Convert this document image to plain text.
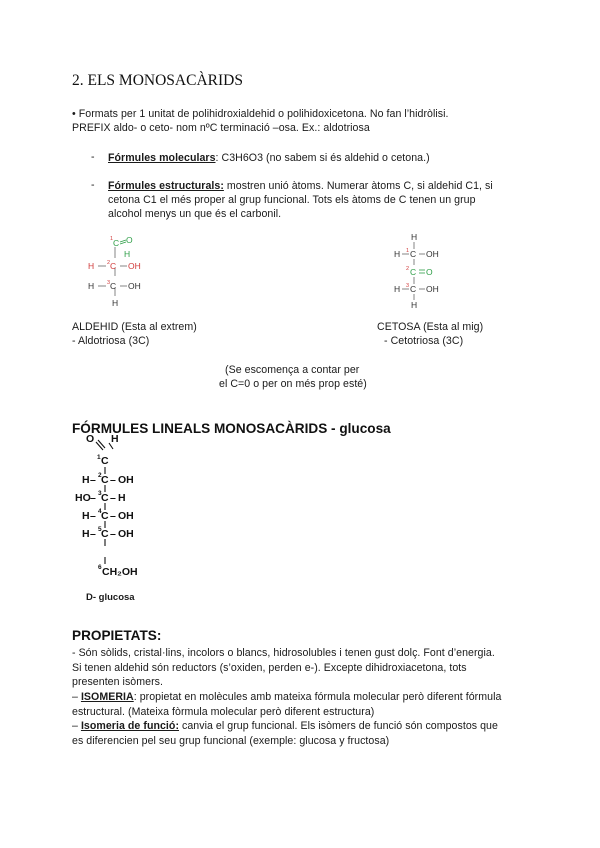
2. ELS MONOSACÀRIDS
• Formats per 1 unitat de polihidroxialdehid o polihidoxicetona. No fan l’hidròlisi.
PREFIX aldo- o ceto- nom nºC terminació –osa. Ex.: aldotriosa
- Fórmules moleculars: C3H6O3 (no sabem si és aldehid o cetona.)
- Fórmules estructurals: mostren unió àtoms. Numerar àtoms C, si aldehid C1, si
cetona C1 el més proper al grup funcional. Tots els àtoms de C tenen un grup
alcohol menys un que és el carbonil.
1 C O
H
H 2 C OH
H 3 C OH
H
H
H 1 C OH
2 C O
H 3 C OH
H
ALDEHID (Esta al extrem)
- Aldotriosa (3C)
CETOSA (Esta al mig)
- Cetotriosa (3C)
(Se escomença a contar per
el C=0 o per on més prop esté)
FÓRMULES LINEALS MONOSACÀRIDS - glucosa
O H
1 C
H – 2 C – OH
HO – 3 C – H
H – 4 C – OH
H – 5 C – OH
6 CH₂OH
D- glucosa
PROPIETATS:
- Són sòlids, cristal·lins, incolors o blancs, hidrosolubles i tenen gust dolç. Font d’energia.
Si tenen aldehid són reductors (s’oxiden, perden e-). Excepte dihidroxiacetona, tots
presenten isòmers.
– ISOMERIA: propietat en molècules amb mateixa fórmula molecular però diferent fórmula
estructural. (Mateixa fòrmula molecular però diferent estructura)
– Isomeria de funció: canvia el grup funcional. Els isòmers de funció són compostos que
es diferencien pel seu grup funcional (exemple: glucosa y fructosa)
